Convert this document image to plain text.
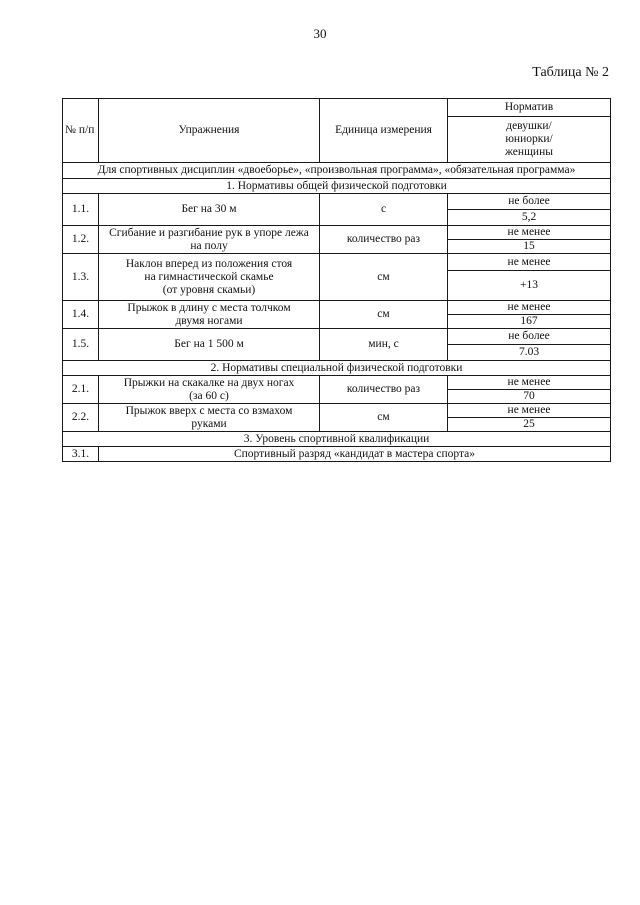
30
Таблица № 2
№ п/п	Упражнения	Единица измерения	Норматив

			девушки/
юниорки/
женщины

Для спортивных дисциплин «двоеборье», «произвольная программа», «обязательная программа»			
1. Нормативы общей физической подготовки			
1.1.	Бег на 30 м	с	не более
			5,2
1.2.	Сгибание и разгибание рук в упоре лежа
на полу	количество раз	не менее
			15
1.3.	Наклон вперед из положения стоя
на гимнастической скамье
(от уровня скамьи)	см	не менее
			+13
1.4.	Прыжок в длину с места толчком
двумя ногами	см	не менее
			167
1.5.	Бег на 1 500 м	мин, с	не более
			7.03
2. Нормативы специальной физической подготовки			
2.1.	Прыжки на скакалке на двух ногах
(за 60 с)	количество раз	не менее
			70
2.2.	Прыжок вверх с места со взмахом
руками	см	не менее
			25
3. Уровень спортивной квалификации			
3.1.	Спортивный разряд «кандидат в мастера спорта»		
